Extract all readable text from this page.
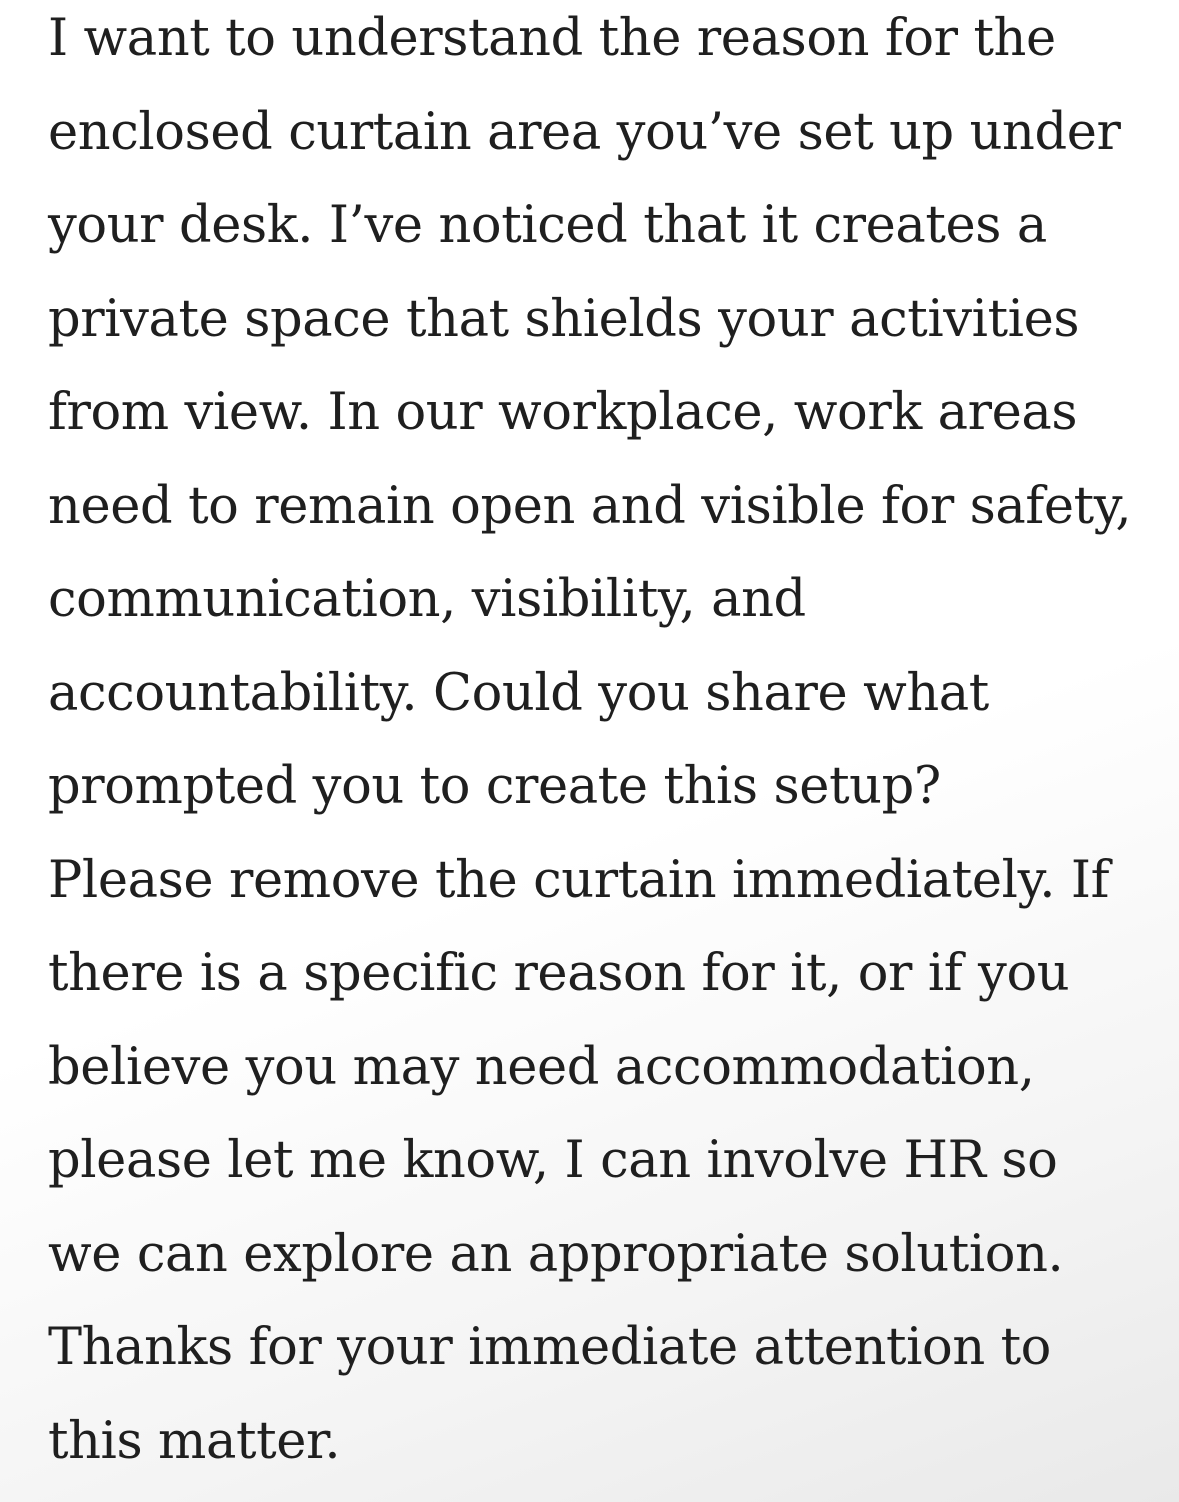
I want to understand the reason for the
enclosed curtain area you’ve set up under
your desk. I’ve noticed that it creates a
private space that shields your activities
from view. In our workplace, work areas
need to remain open and visible for safety,
communication, visibility, and
accountability. Could you share what
prompted you to create this setup?
Please remove the curtain immediately. If
there is a specific reason for it, or if you
believe you may need accommodation,
please let me know, I can involve HR so
we can explore an appropriate solution.
Thanks for your immediate attention to
this matter.
